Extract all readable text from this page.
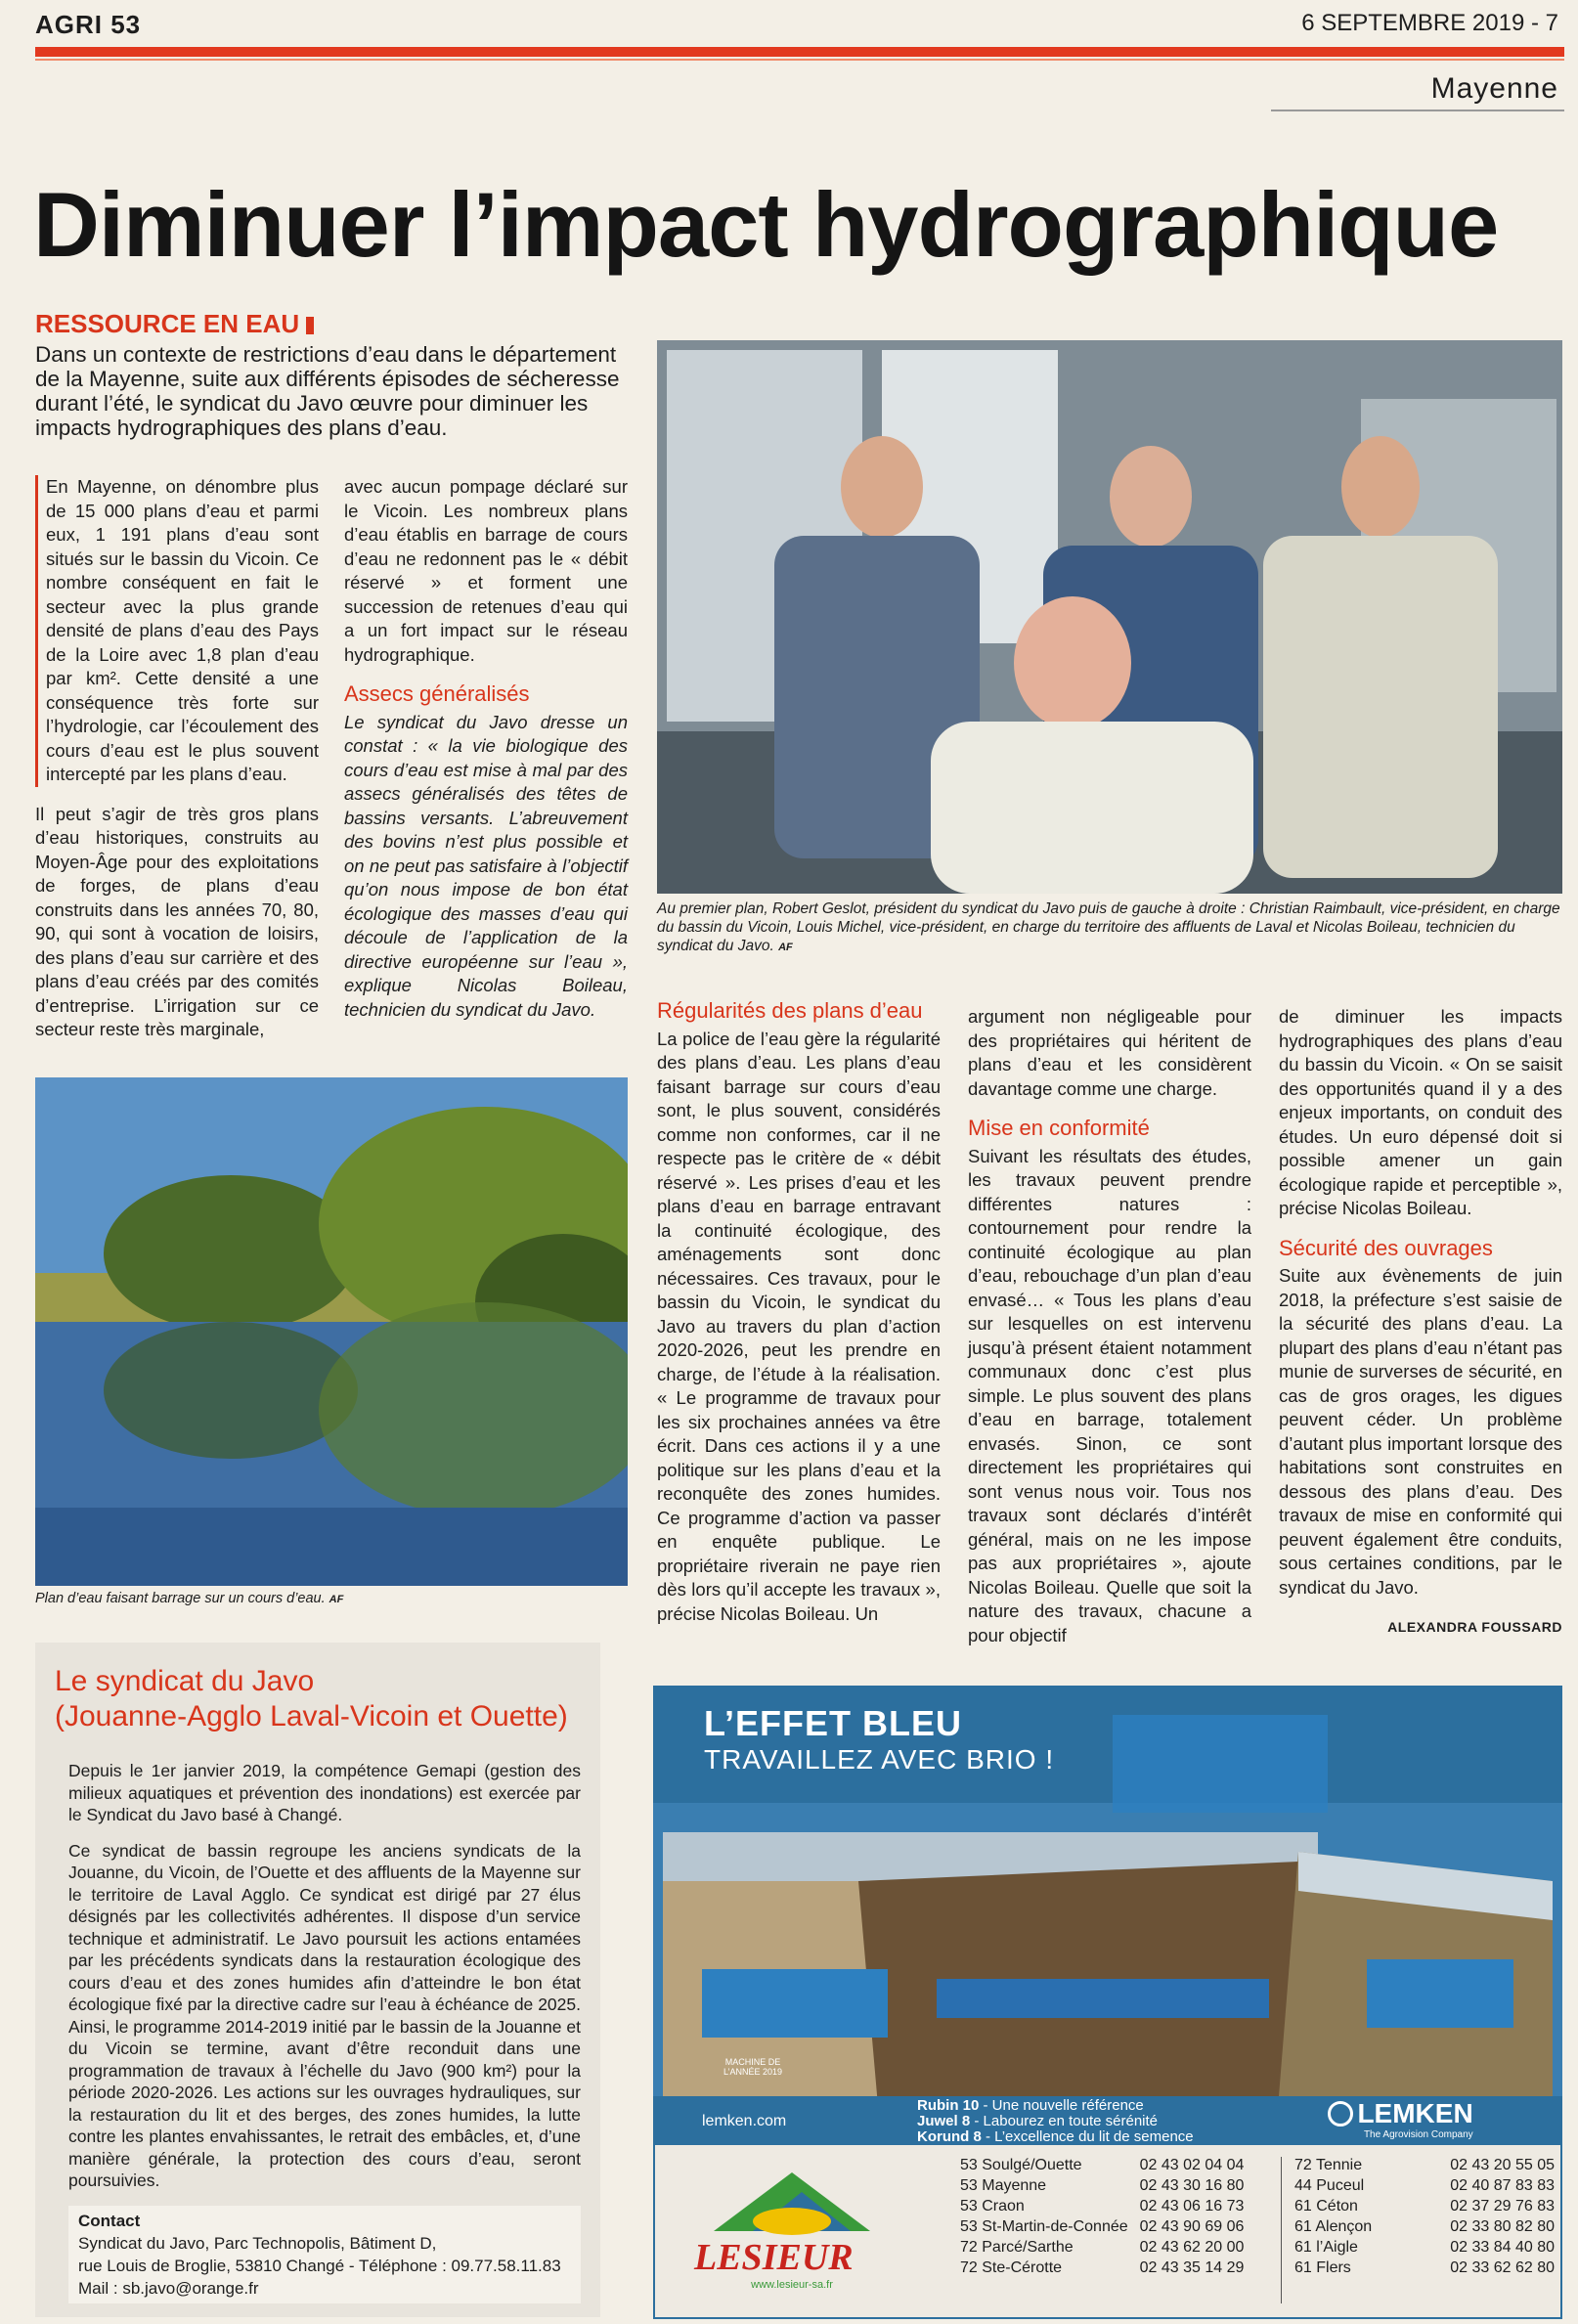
AGRI 53	6 SEPTEMBRE 2019 - 7
Mayenne
Diminuer l’impact hydrographique
RESSOURCE EN EAU
Dans un contexte de restrictions d’eau dans le département de la Mayenne, suite aux différents épisodes de sécheresse durant l’été, le syndicat du Javo œuvre pour diminuer les impacts hydrographiques des plans d’eau.

En Mayenne, on dénombre plus de 15 000 plans d’eau et parmi eux, 1 191 plans d’eau sont situés sur le bassin du Vicoin. Ce nombre conséquent en fait le secteur avec la plus grande densité de plans d’eau des Pays de la Loire avec 1,8 plan d’eau par km². Cette densité a une conséquence très forte sur l’hydrologie, car l’écoulement des cours d’eau est le plus souvent intercepté par les plans d’eau.

Il peut s’agir de très gros plans d’eau historiques, construits au Moyen-Âge pour des exploitations de forges, de plans d’eau construits dans les années 70, 80, 90, qui sont à vocation de loisirs, des plans d’eau sur carrière et des plans d’eau créés par des comités d’entreprise. L’irrigation sur ce secteur reste très marginale,

avec aucun pompage déclaré sur le Vicoin. Les nombreux plans d’eau établis en barrage de cours d’eau ne redonnent pas le « débit réservé » et forment une succession de retenues d’eau qui a un fort impact sur le réseau hydrographique.

Assecs généralisés

Le syndicat du Javo dresse un constat : « la vie biologique des cours d’eau est mise à mal par des assecs généralisés des têtes de bassins versants. L’abreuvement des bovins n’est plus possible et on ne peut pas satisfaire à l’objectif qu’on nous impose de bon état écologique des masses d’eau qui découle de l’application de la directive européenne sur l’eau », explique Nicolas Boileau, technicien du syndicat du Javo.

Au premier plan, Robert Geslot, président du syndicat du Javo puis de gauche à droite : Christian Raimbault, vice-président, en charge du bassin du Vicoin, Louis Michel, vice-président, en charge du territoire des affluents de Laval et Nicolas Boileau, technicien du syndicat du Javo. AF
Plan d’eau faisant barrage sur un cours d’eau. AF
Régularités des plans d’eau

La police de l’eau gère la régularité des plans d’eau. Les plans d’eau faisant barrage sur cours d’eau sont, le plus souvent, considérés comme non conformes, car il ne respecte pas le critère de « débit réservé ». Les prises d’eau et les plans d’eau en barrage entravant la continuité écologique, des aménagements sont donc nécessaires. Ces travaux, pour le bassin du Vicoin, le syndicat du Javo au travers du plan d’action 2020-2026, peut les prendre en charge, de l’étude à la réalisation. « Le programme de travaux pour les six prochaines années va être écrit. Dans ces actions il y a une politique sur les plans d’eau et la reconquête des zones humides. Ce programme d’action va passer en enquête publique. Le propriétaire riverain ne paye rien dès lors qu’il accepte les travaux », précise Nicolas Boileau. Un

argument non négligeable pour des propriétaires qui héritent de plans d’eau et les considèrent davantage comme une charge.

Mise en conformité

Suivant les résultats des études, les travaux peuvent prendre différentes natures : contournement pour rendre la continuité écologique au plan d’eau, rebouchage d’un plan d’eau envasé… « Tous les plans d’eau sur lesquelles on est intervenu jusqu’à présent étaient notamment communaux donc c’est plus simple. Le plus souvent des plans d’eau en barrage, totalement envasés. Sinon, ce sont directement les propriétaires qui sont venus nous voir. Tous nos travaux sont déclarés d’intérêt général, mais on ne les impose pas aux propriétaires », ajoute Nicolas Boileau. Quelle que soit la nature des travaux, chacune a pour objectif

de diminuer les impacts hydrographiques des plans d’eau du bassin du Vicoin. « On se saisit des opportunités quand il y a des enjeux importants, on conduit des études. Un euro dépensé doit si possible amener un gain écologique rapide et perceptible », précise Nicolas Boileau.

Sécurité des ouvrages

Suite aux évènements de juin 2018, la préfecture s’est saisie de la sécurité des plans d’eau. La plupart des plans d’eau n’étant pas munie de surverses de sécurité, en cas de gros orages, les digues peuvent céder. Un problème d’autant plus important lorsque des habitations sont construites en dessous des plans d’eau. Des travaux de mise en conformité qui peuvent également être conduits, sous certaines conditions, par le syndicat du Javo.

ALEXANDRA FOUSSARD
Le syndicat du Javo
(Jouanne-Agglo Laval-Vicoin et Ouette)

Depuis le 1er janvier 2019, la compétence Gemapi (gestion des milieux aquatiques et prévention des inondations) est exercée par le Syndicat du Javo basé à Changé.

Ce syndicat de bassin regroupe les anciens syndicats de la Jouanne, du Vicoin, de l’Ouette et des affluents de la Mayenne sur le territoire de Laval Agglo. Ce syndicat est dirigé par 27 élus désignés par les collectivités adhérentes. Il dispose d’un service technique et administratif. Le Javo poursuit les actions entamées par les précédents syndicats dans la restauration écologique des cours d’eau et des zones humides afin d’atteindre le bon état écologique fixé par la directive cadre sur l’eau à échéance de 2025. Ainsi, le programme 2014-2019 initié par le bassin de la Jouanne et du Vicoin se termine, avant d’être reconduit dans une programmation de travaux à l’échelle du Javo (900 km²) pour la période 2020-2026. Les actions sur les ouvrages hydrauliques, sur la restauration du lit et des berges, des zones humides, la lutte contre les plantes envahissantes, le retrait des embâcles, et, d’une manière générale, la protection des cours d’eau, seront poursuivies.

Contact
Syndicat du Javo, Parc Technopolis, Bâtiment D,
rue Louis de Broglie, 53810 Changé - Téléphone : 09.77.58.11.83
Mail : sb.javo@orange.fr
L’EFFET BLEU
TRAVAILLEZ AVEC BRIO !
MACHINE DE L’ANNÉE 2019
lemken.com
Rubin 10 - Une nouvelle référence
Juwel 8 - Labourez en toute sérénité
Korund 8 - L’excellence du lit de semence
LEMKEN
The Agrovision Company
LESIEUR
www.lesieur-sa.fr
53 Soulgé/Ouette	02 43 02 04 04
53 Mayenne	02 43 30 16 80
53 Craon	02 43 06 16 73
53 St-Martin-de-Connée	02 43 90 69 06
72 Parcé/Sarthe	02 43 62 20 00
72 Ste-Cérotte	02 43 35 14 29
72 Tennie	02 43 20 55 05
44 Puceul	02 40 87 83 83
61 Céton	02 37 29 76 83
61 Alençon	02 33 80 82 80
61 l’Aigle	02 33 84 40 80
61 Flers	02 33 62 62 80
